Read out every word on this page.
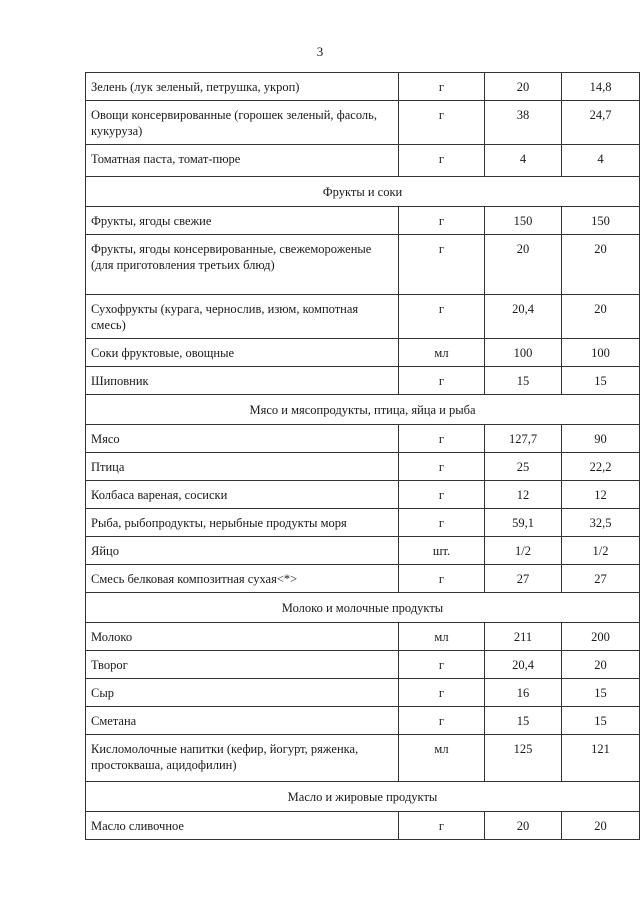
3
Зелень (лук зеленый, петрушка, укроп)	г	20	14,8
Овощи консервированные (горошек зеленый, фасоль, кукуруза)	г	38	24,7
Томатная паста, томат-пюре	г	4	4
Фрукты и соки			
Фрукты, ягоды свежие	г	150	150
Фрукты, ягоды консервированные, свежемороженые (для приготовления третьих блюд)	г	20	20
Сухофрукты (курага, чернослив, изюм, компотная смесь)	г	20,4	20
Соки фруктовые, овощные	мл	100	100
Шиповник	г	15	15
Мясо и мясопродукты, птица, яйца и рыба			
Мясо	г	127,7	90
Птица	г	25	22,2
Колбаса вареная, сосиски	г	12	12
Рыба, рыбопродукты, нерыбные продукты моря	г	59,1	32,5
Яйцо	шт.	1/2	1/2
Смесь белковая композитная сухая<*>	г	27	27
Молоко и молочные продукты			
Молоко	мл	211	200
Творог	г	20,4	20
Сыр	г	16	15
Сметана	г	15	15
Кисломолочные напитки (кефир, йогурт, ряженка, простокваша, ацидофилин)	мл	125	121
Масло и жировые продукты			
Масло сливочное	г	20	20
